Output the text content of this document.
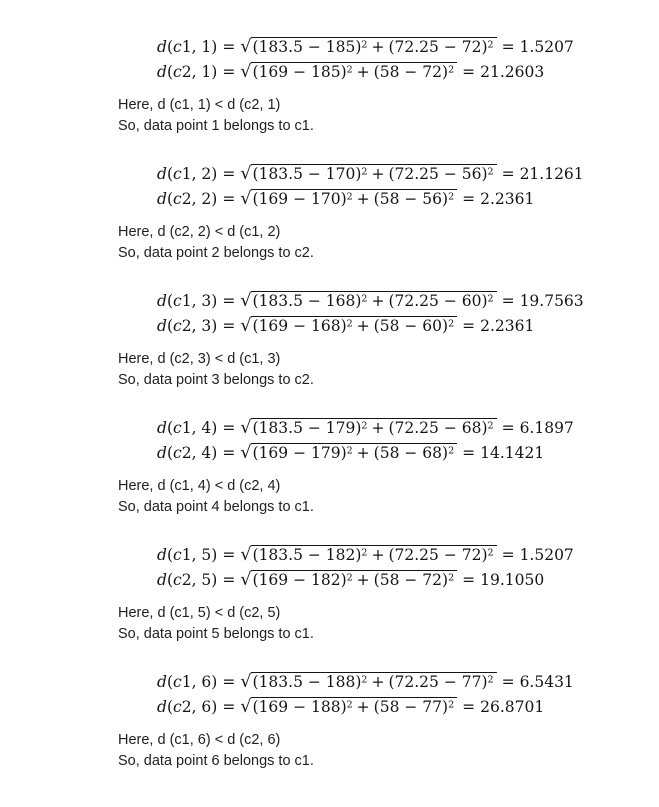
d(c1, 1) = √ $(183.5 - 185)^2 + (72.25 - 72)^2 = 1.5207$
d(c2, 1) = √ $(169 - 185)^2 + (58 - 72)^2 = 21.2603$

Here, d (c1, 1) < d (c2, 1)

So, data point 1 belongs to c1.

d(c1, 2) = √ $(183.5 - 170)^2 + (72.25 - 56)^2 = 21.1261$
d(c2, 2) = √ $(169 - 170)^2 + (58 - 56)^2 = 2.2361$

Here, d (c2, 2) < d (c1, 2)

So, data point 2 belongs to c2.

d(c1, 3) = √ $(183.5 - 168)^2 + (72.25 - 60)^2 = 19.7563$
d(c2, 3) = √ $(169 - 168)^2 + (58 - 60)^2 = 2.2361$

Here, d (c2, 3) < d (c1, 3)

So, data point 3 belongs to c2.

d(c1, 4) = √ $(183.5 - 179)^2 + (72.25 - 68)^2 = 6.1897$
d(c2, 4) = √ $(169 - 179)^2 + (58 - 68)^2 = 14.1421$

Here, d (c1, 4) < d (c2, 4)

So, data point 4 belongs to c1.

d(c1, 5) = √ $(183.5 - 182)^2 + (72.25 - 72)^2 = 1.5207$
d(c2, 5) = √ $(169 - 182)^2 + (58 - 72)^2 = 19.1050$

Here, d (c1, 5) < d (c2, 5)

So, data point 5 belongs to c1.

d(c1, 6) = √ $(183.5 - 188)^2 + (72.25 - 77)^2 = 6.5431$
d(c2, 6) = √ $(169 - 188)^2 + (58 - 77)^2 = 26.8701$

Here, d (c1, 6) < d (c2, 6)

So, data point 6 belongs to c1.
